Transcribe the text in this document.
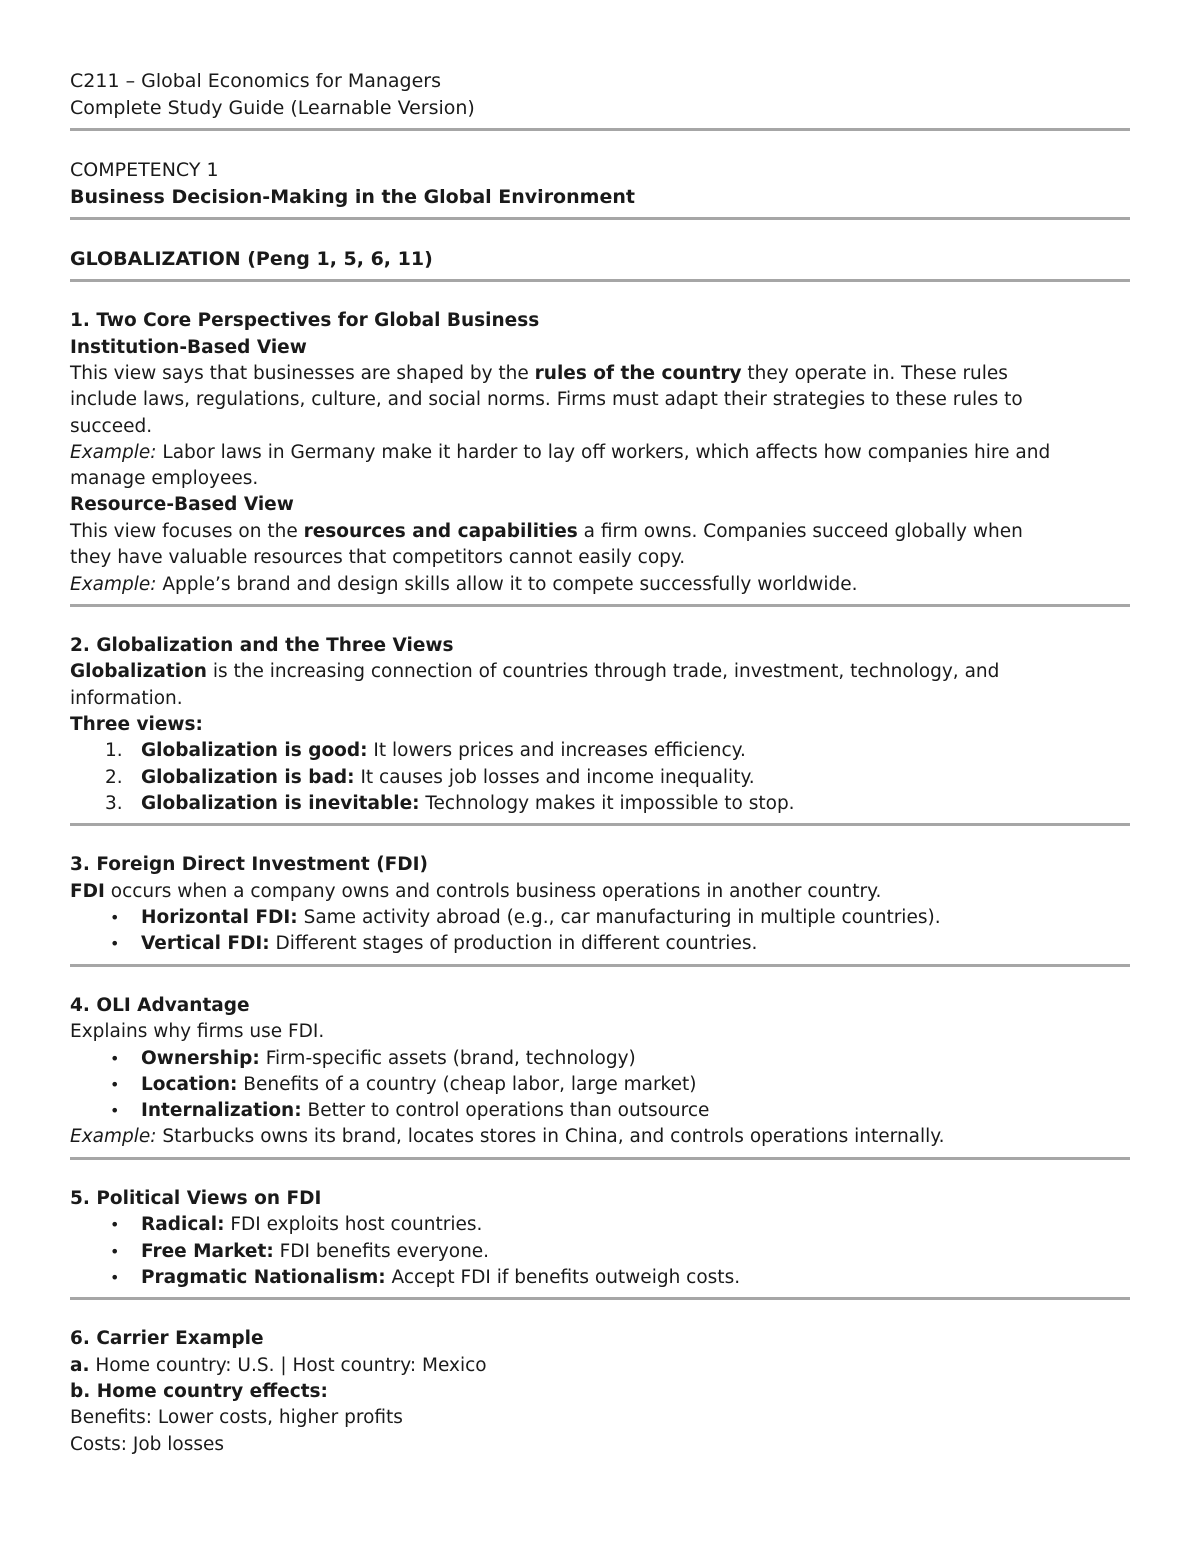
C211 – Global Economics for Managers
Complete Study Guide (Learnable Version)
COMPETENCY 1
Business Decision-Making in the Global Environment
GLOBALIZATION (Peng 1, 5, 6, 11)

1. Two Core Perspectives for Global Business

Institution-Based View

This view says that businesses are shaped by the rules of the country they operate in. These rules

include laws, regulations, culture, and social norms. Firms must adapt their strategies to these rules to

succeed.

Example: Labor laws in Germany make it harder to lay off workers, which affects how companies hire and

manage employees.

Resource-Based View

This view focuses on the resources and capabilities a firm owns. Companies succeed globally when

they have valuable resources that competitors cannot easily copy.

Example: Apple’s brand and design skills allow it to compete successfully worldwide.

2. Globalization and the Three Views

Globalization is the increasing connection of countries through trade, investment, technology, and

information.

Three views:

1. Globalization is good: It lowers prices and increases efficiency.
2. Globalization is bad: It causes job losses and income inequality.
3. Globalization is inevitable: Technology makes it impossible to stop.

3. Foreign Direct Investment (FDI)

FDI occurs when a company owns and controls business operations in another country.

• Horizontal FDI: Same activity abroad (e.g., car manufacturing in multiple countries).
• Vertical FDI: Different stages of production in different countries.

4. OLI Advantage

Explains why firms use FDI.

• Ownership: Firm-specific assets (brand, technology)
• Location: Benefits of a country (cheap labor, large market)
• Internalization: Better to control operations than outsource

Example: Starbucks owns its brand, locates stores in China, and controls operations internally.

5. Political Views on FDI

• Radical: FDI exploits host countries.
• Free Market: FDI benefits everyone.
• Pragmatic Nationalism: Accept FDI if benefits outweigh costs.

6. Carrier Example

a. Home country: U.S. | Host country: Mexico

b. Home country effects:

Benefits: Lower costs, higher profits

Costs: Job losses
